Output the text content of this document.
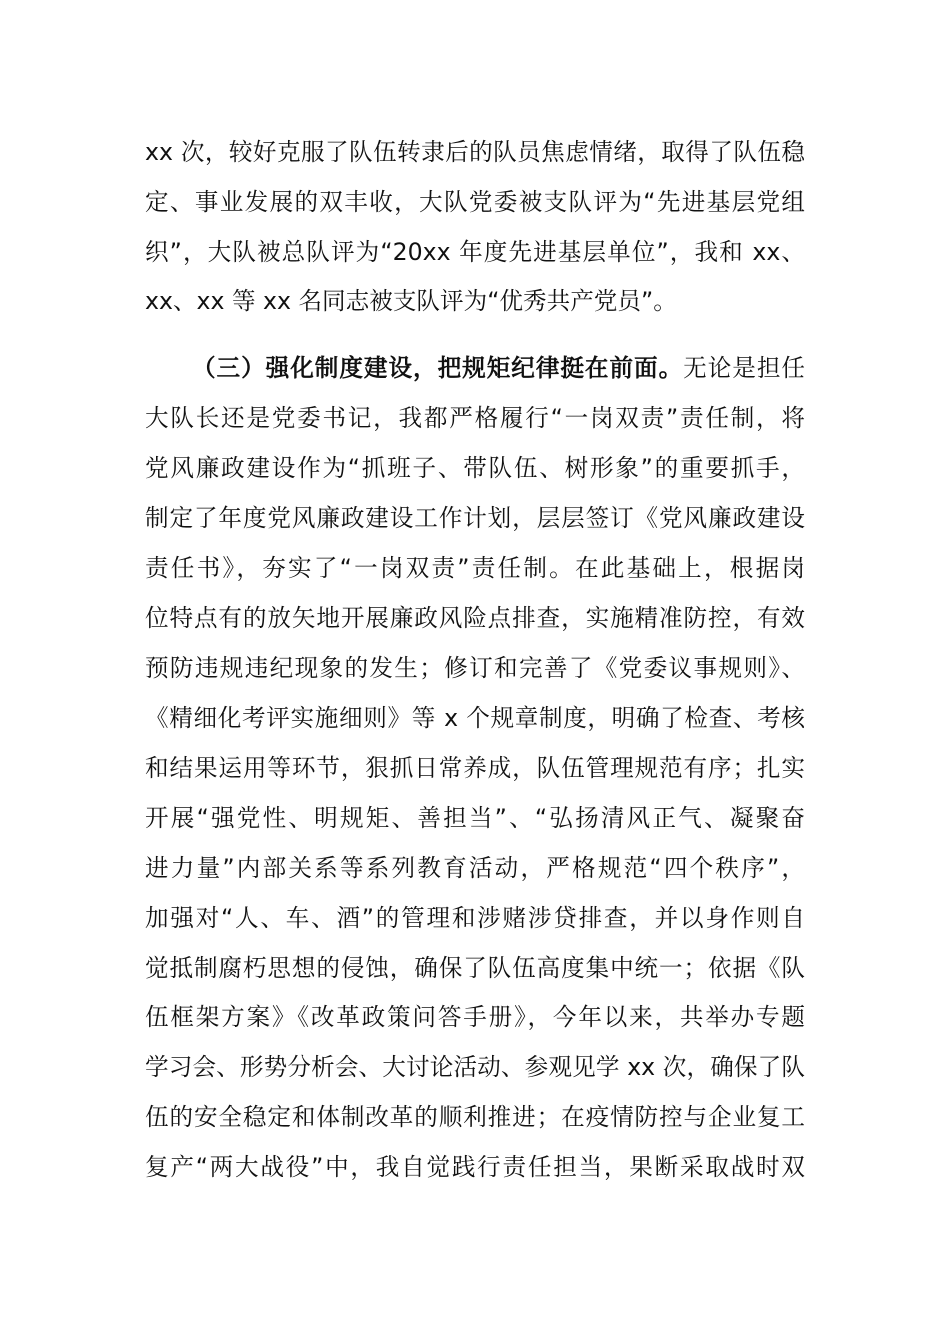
xx 次，较好克服了队伍转隶后的队员焦虑情绪，取得了队伍稳
定、事业发展的双丰收，大队党委被支队评为“先进基层党组
织”，大队被总队评为“20xx 年度先进基层单位”，我和 xx、
xx、xx 等 xx 名同志被支队评为“优秀共产党员”。
（三）强化制度建设，把规矩纪律挺在前面。无论是担任
大队长还是党委书记，我都严格履行“一岗双责”责任制，将
党风廉政建设作为“抓班子、带队伍、树形象”的重要抓手，
制定了年度党风廉政建设工作计划，层层签订《党风廉政建设
责任书》，夯实了“一岗双责”责任制。在此基础上，根据岗
位特点有的放矢地开展廉政风险点排查，实施精准防控，有效
预防违规违纪现象的发生；修订和完善了《党委议事规则》、
《精细化考评实施细则》等 x 个规章制度，明确了检查、考核
和结果运用等环节，狠抓日常养成，队伍管理规范有序；扎实
开展“强党性、明规矩、善担当”、“弘扬清风正气、凝聚奋
进力量”内部关系等系列教育活动，严格规范“四个秩序”，
加强对“人、车、酒”的管理和涉赌涉贷排查，并以身作则自
觉抵制腐朽思想的侵蚀，确保了队伍高度集中统一；依据《队
伍框架方案》《改革政策问答手册》，今年以来，共举办专题
学习会、形势分析会、大讨论活动、参观见学 xx 次，确保了队
伍的安全稳定和体制改革的顺利推进；在疫情防控与企业复工
复产“两大战役”中，我自觉践行责任担当，果断采取战时双
